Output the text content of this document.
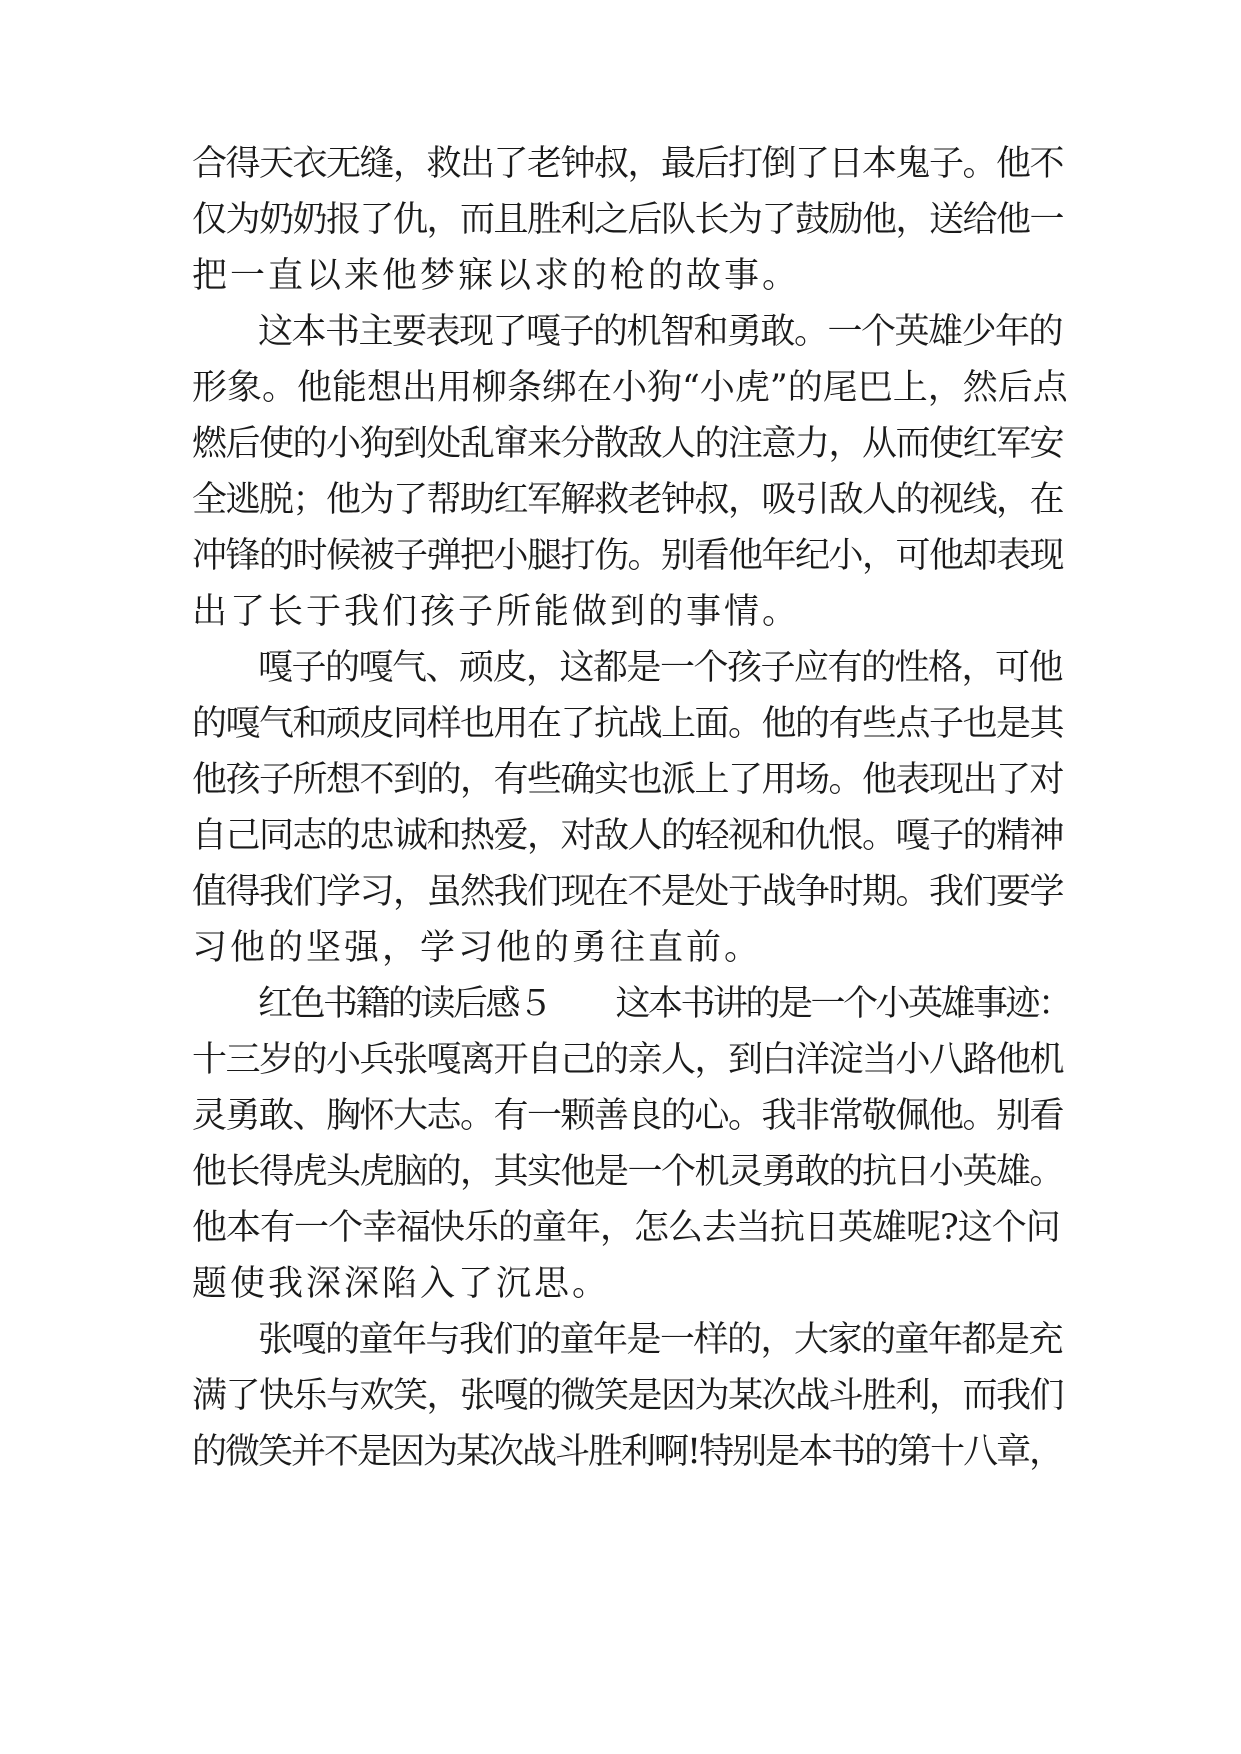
合得天衣无缝，救出了老钟叔，最后打倒了日本鬼子。他不
仅为奶奶报了仇，而且胜利之后队长为了鼓励他，送给他一
把一直以来他梦寐以求的枪的故事。
这本书主要表现了嘎子的机智和勇敢。一个英雄少年的
形象。他能想出用柳条绑在小狗“小虎”的尾巴上，然后点
燃后使的小狗到处乱窜来分散敌人的注意力，从而使红军安
全逃脱；他为了帮助红军解救老钟叔，吸引敌人的视线，在
冲锋的时候被子弹把小腿打伤。别看他年纪小，可他却表现
出了长于我们孩子所能做到的事情。
嘎子的嘎气、顽皮，这都是一个孩子应有的性格，可他
的嘎气和顽皮同样也用在了抗战上面。他的有些点子也是其
他孩子所想不到的，有些确实也派上了用场。他表现出了对
自己同志的忠诚和热爱，对敌人的轻视和仇恨。嘎子的精神
值得我们学习，虽然我们现在不是处于战争时期。我们要学
习他的坚强，学习他的勇往直前。
红色书籍的读后感５　　这本书讲的是一个小英雄事迹：
十三岁的小兵张嘎离开自己的亲人，到白洋淀当小八路他机
灵勇敢、胸怀大志。有一颗善良的心。我非常敬佩他。别看
他长得虎头虎脑的，其实他是一个机灵勇敢的抗日小英雄。
他本有一个幸福快乐的童年，怎么去当抗日英雄呢?这个问
题使我深深陷入了沉思。
张嘎的童年与我们的童年是一样的，大家的童年都是充
满了快乐与欢笑，张嘎的微笑是因为某次战斗胜利，而我们
的微笑并不是因为某次战斗胜利啊!特别是本书的第十八章，
